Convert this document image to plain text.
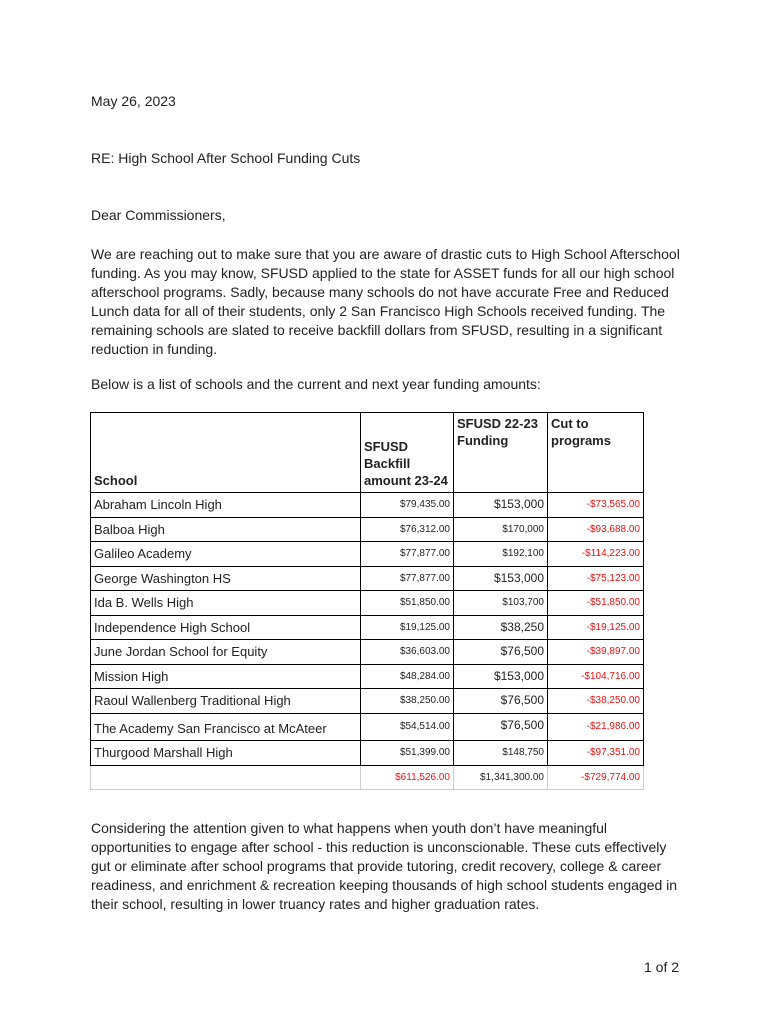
May 26, 2023
RE: High School After School Funding Cuts
Dear Commissioners,
We are reaching out to make sure that you are aware of drastic cuts to High School Afterschool funding. As you may know, SFUSD applied to the state for ASSET funds for all our high school afterschool programs. Sadly, because many schools do not have accurate Free and Reduced Lunch data for all of their students, only 2 San Francisco High Schools received funding. The remaining schools are slated to receive backfill dollars from SFUSD, resulting in a significant reduction in funding.
Below is a list of schools and the current and next year funding amounts:
School	SFUSD Backfill amount 23-24	SFUSD 22-23 Funding	Cut to programs
Abraham Lincoln High	$79,435.00	$153,000	-$73,565.00
Balboa High	$76,312.00	$170,000	-$93,688.00
Galileo Academy	$77,877.00	$192,100	-$114,223.00
George Washington HS	$77,877.00	$153,000	-$75,123.00
Ida B. Wells High	$51,850.00	$103,700	-$51,850.00
Independence High School	$19,125.00	$38,250	-$19,125.00
June Jordan School for Equity	$36,603.00	$76,500	-$39,897.00
Mission High	$48,284.00	$153,000	-$104,716.00
Raoul Wallenberg Traditional High	$38,250.00	$76,500	-$38,250.00
The Academy San Francisco at McAteer	$54,514.00	$76,500	-$21,986.00
Thurgood Marshall High	$51,399.00	$148,750	-$97,351.00
	$611,526.00	$1,341,300.00	-$729,774.00
Considering the attention given to what happens when youth don’t have meaningful opportunities to engage after school - this reduction is unconscionable. These cuts effectively gut or eliminate after school programs that provide tutoring, credit recovery, college & career readiness, and enrichment & recreation keeping thousands of high school students engaged in their school, resulting in lower truancy rates and higher graduation rates.
1 of 2
